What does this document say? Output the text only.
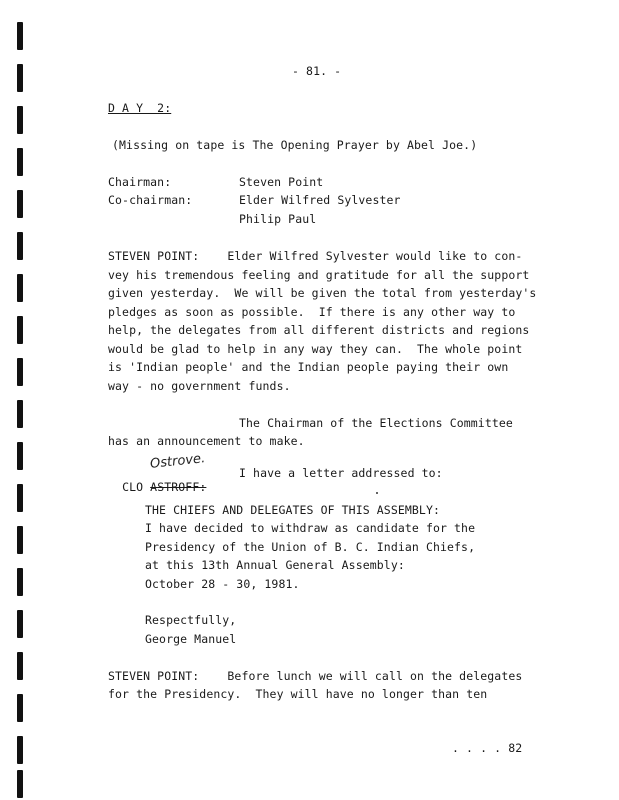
- 81. -
D A Y  2:
(Missing on tape is The Opening Prayer by Abel Joe.)
Chairman:	Steven Point
Co-chairman:	Elder Wilfred Sylvester
Philip Paul
STEVEN POINT:    Elder Wilfred Sylvester would like to con-
vey his tremendous feeling and gratitude for all the support
given yesterday.  We will be given the total from yesterday's
pledges as soon as possible.  If there is any other way to
help, the delegates from all different districts and regions
would be glad to help in any way they can.  The whole point
is 'Indian people' and the Indian people paying their own
way - no government funds.
The Chairman of the Elections Committee
has an announcement to make.
Ostrove.

CLO ASTROFF:

I have a letter addressed to:
THE CHIEFS AND DELEGATES OF THIS ASSEMBLY:
I have decided to withdraw as candidate for the
Presidency of the Union of B. C. Indian Chiefs,
at this 13th Annual General Assembly:
October 28 - 30, 1981.
Respectfully,
George Manuel
STEVEN POINT:    Before lunch we will call on the delegates
for the Presidency.  They will have no longer than ten
. . . . 82
